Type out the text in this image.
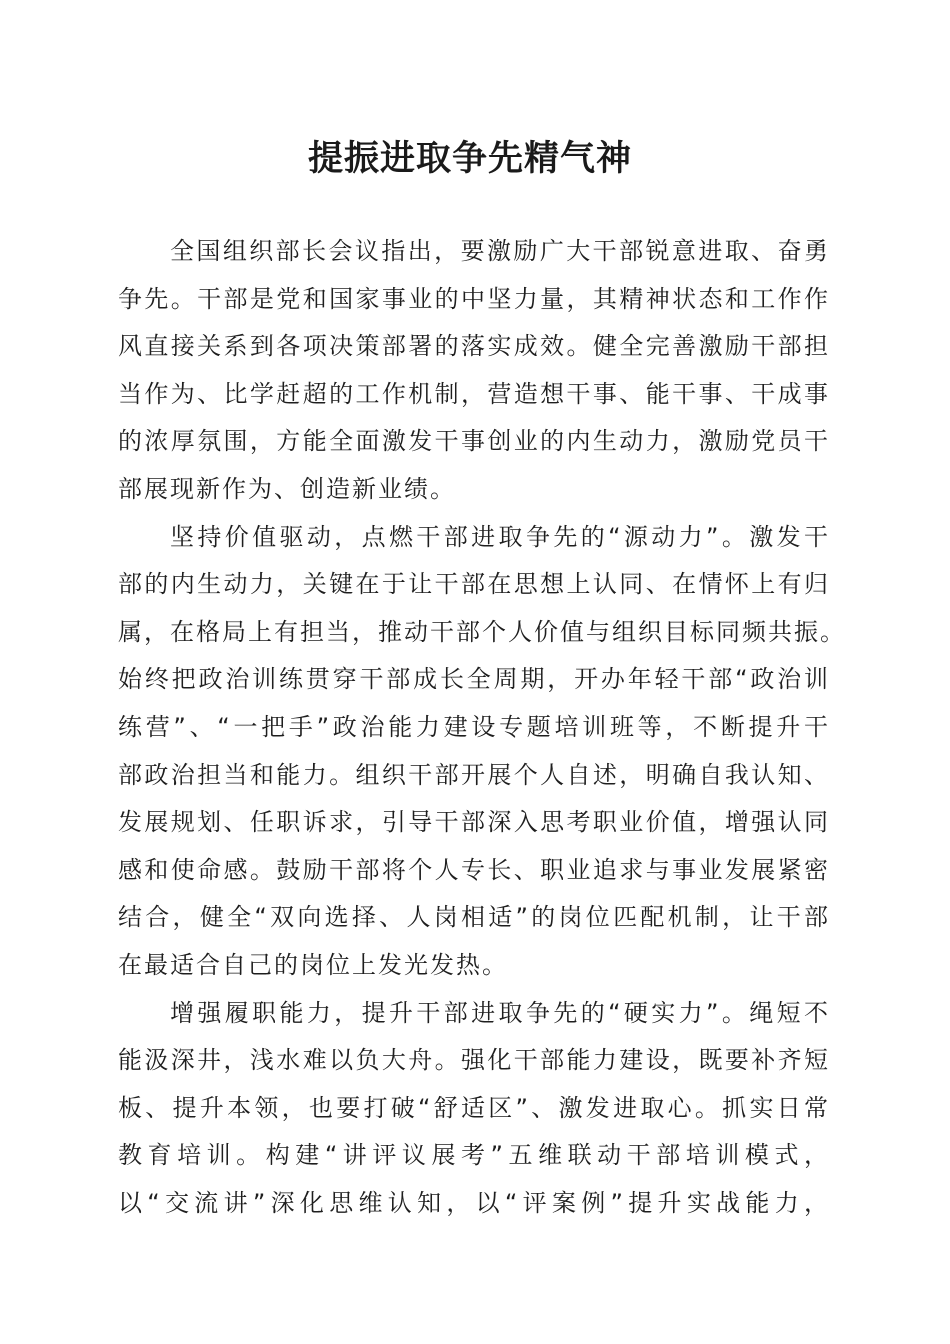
提振进取争先精气神
全国组织部长会议指出，要激励广大干部锐意进取、奋勇
争先。干部是党和国家事业的中坚力量，其精神状态和工作作
风直接关系到各项决策部署的落实成效。健全完善激励干部担
当作为、比学赶超的工作机制，营造想干事、能干事、干成事
的浓厚氛围，方能全面激发干事创业的内生动力，激励党员干
部展现新作为、创造新业绩。
坚持价值驱动，点燃干部进取争先的“源动力”。激发干
部的内生动力，关键在于让干部在思想上认同、在情怀上有归
属，在格局上有担当，推动干部个人价值与组织目标同频共振。
始终把政治训练贯穿干部成长全周期，开办年轻干部“政治训
练营”、“一把手”政治能力建设专题培训班等，不断提升干
部政治担当和能力。组织干部开展个人自述，明确自我认知、
发展规划、任职诉求，引导干部深入思考职业价值，增强认同
感和使命感。鼓励干部将个人专长、职业追求与事业发展紧密
结合，健全“双向选择、人岗相适”的岗位匹配机制，让干部
在最适合自己的岗位上发光发热。
增强履职能力，提升干部进取争先的“硬实力”。绳短不
能汲深井，浅水难以负大舟。强化干部能力建设，既要补齐短
板、提升本领，也要打破“舒适区”、激发进取心。抓实日常
教育培训。构建“讲评议展考”五维联动干部培训模式，
以“交流讲”深化思维认知，以“评案例”提升实战能力，
